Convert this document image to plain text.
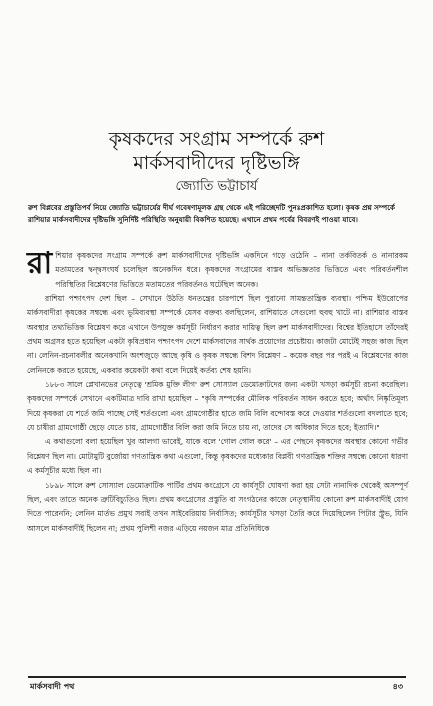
কৃষকদের সংগ্রাম সম্পর্কে রুশ
মার্কসবাদীদের দৃষ্টিভঙ্গি
জ্যোতি ভট্টাচার্য
রুশ বিপ্লবের প্রস্তুতিপর্ব নিয়ে জ্যোতি ভট্টাচার্যের দীর্ঘ গবেষণামূলক গ্রন্থ থেকে এই পরিচ্ছেদটি পুনঃপ্রকাশিত হলো। কৃষক প্রশ্ন সম্পর্কে রাশিয়ার মার্কসবাদীদের দৃষ্টিভঙ্গি সুনির্দিষ্ট পরিস্থিতি অনুযায়ী বিকশিত হয়েছে। এখানে প্রথম পর্বের বিবরণই পাওয়া যাবে।

রাশিয়ার কৃষকদের সংগ্রাম সম্পর্কে রুশ মার্কসবাদীদের দৃষ্টিভঙ্গি একদিনে গড়ে ওঠেনি – নানা তর্কবিতর্ক ও নানারকম মতামতের দ্বন্দ্বসংঘর্ষ চলেছিল অনেকদিন ধরে। কৃষকদের সংগ্রামের বাস্তব অভিজ্ঞতার ভিত্তিতে এবং পরিবর্তনশীল পরিস্থিতির বিশ্লেষণের ভিত্তিতে মতামতের পরিবর্তনও ঘটেছিল অনেক।

রাশিয়া পশ্চাৎপদ দেশ ছিল – সেখানে উঠতি ধনতন্ত্রের চারপাশে ছিল পুরানো সামন্ততান্ত্রিক ব্যবস্থা। পশ্চিম ইউরোপের মার্কসবাদীরা কৃষকের সম্বন্ধে এবং ভূমিব্যবস্থা সম্পর্কে যেসব বক্তব্য বলছিলেন, রাশিয়াতে সেগুলো হুবহু খাটে না। রাশিয়ার বাস্তব অবস্থার তথ্যভিত্তিক বিশ্লেষণ করে এখানে উপযুক্ত কর্মসূচী নির্ধারণ করার দায়িত্ব ছিল রুশ মার্কসবাদীদের। বিশ্বের ইতিহাসে তাঁদেরই প্রথম অগ্রসর হতে হয়েছিল একটা কৃষিপ্রধান পশ্চাৎপদ দেশে মার্কসবাদের সার্থক প্রয়োগের প্রচেষ্টায়। কাজটা মোটেই সহজ কাজ ছিল না। লেনিন-রচনাবলীর অনেকখানি অংশজুড়ে আছে কৃষি ও কৃষক সম্বন্ধে বিশদ বিশ্লেষণ – কয়েক বছর পর পরই এ বিশ্লেষণের কাজ লেনিনকে করতে হয়েছে, একবার কয়েকটা কথা বলে দিয়েই কর্তব্য শেষ হয়নি।

১৮৮৩ সালে প্লেখানভের নেতৃত্বে 'শ্রমিক মুক্তি লীগ' রুশ সোস্যাল ডেমোক্রাটদের জন্য একটা খসড়া কর্মসূচী রচনা করেছিল। কৃষকদের সম্পর্কে সেখানে একটিমাত্র দাবি রাখা হয়েছিল – "কৃষি সম্পর্কের মৌলিক পরিবর্তন সাধন করতে হবে; অর্থাৎ নিষ্কৃতিমূল্য দিয়ে কৃষকরা যে শর্তে জমি পাচ্ছে সেই শর্তগুলো এবং গ্রামগোষ্ঠীর হাতে জমি বিলি বন্দোবস্ত করে দেওয়ার শর্তগুলো বদলাতে হবে; যে চাষীরা গ্রামগোষ্ঠী ছেড়ে যেতে চায়, গ্রামগোষ্ঠীর বিলি করা জমি নিতে চায় না, তাদের সে অধিকার দিতে হবে; ইত্যাদি।"

এ কথাগুলো বলা হয়েছিল খুব আলগা ভাবেই, যাকে বলে 'গোল গোল করে' – এর পেছনে কৃষকদের অবস্থার কোনো গভীর বিশ্লেষণ ছিল না। মোটামুটি বুর্জোয়া গণতান্ত্রিক কথা এগুলো, কিন্তু কৃষকদের মধ্যেকার বিপ্লবী গণতান্ত্রিক শক্তির সম্বন্ধে কোনো ধারণা এ কর্মসূচীর মধ্যে ছিল না।

১৮৯৮ সালে রুশ সোস্যাল ডেমোক্রাটিক পার্টির প্রথম কংগ্রেসে যে কার্যসূচী ঘোষণা করা হয় সেটা নানাদিক থেকেই অসম্পূর্ণ ছিল, এবং তাতে অনেক ত্রুটিবিচ্যুতিও ছিল। প্রথম কংগ্রেসের প্রস্তুতি বা সংগঠনের কাজে নেতৃস্থানীয় কোনো রুশ মার্কসবাদীই যোগ দিতে পারেননি; লেনিন মার্তভ প্রমুখ সবাই তখন সাইবেরিয়ায় নির্বাসিত; কার্যসূচীর খসড়া তৈরি করে দিয়েছিলেন পিটার স্ট্রুভ, যিনি আসলে মার্কসবাদীই ছিলেন না; প্রথম পুলিশী নজর এড়িয়ে নয়জন মাত্র প্রতিনিধিকে

মার্কসবাদী পথ	৪৩
